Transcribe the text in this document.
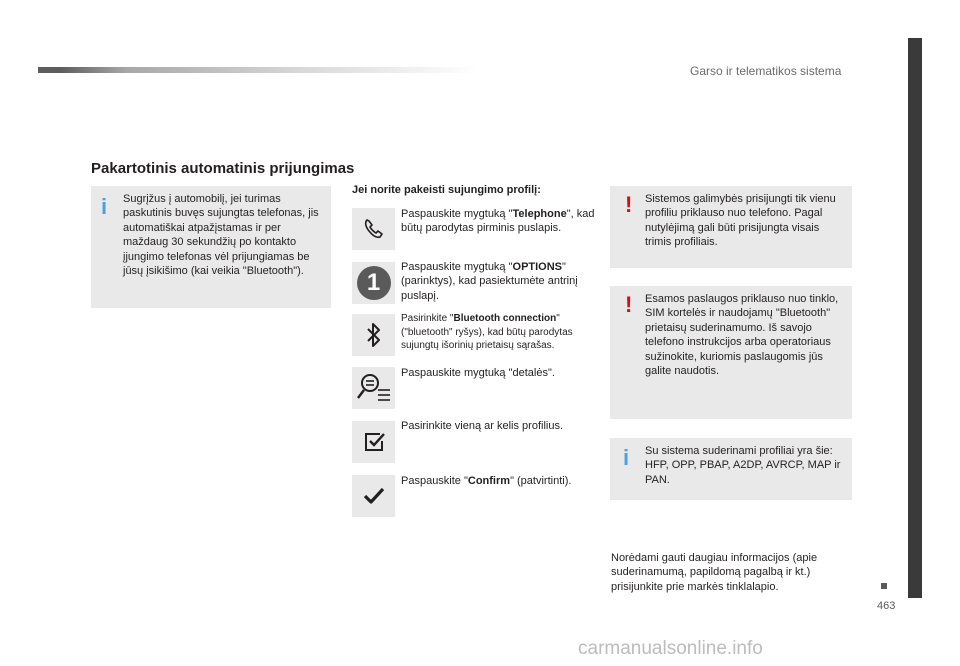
Garso ir telematikos sistema
463
Pakartotinis automatinis prijungimas
i Sugrįžus į automobilį, jei turimas paskutinis buvęs sujungtas telefonas, jis automatiškai atpažįstamas ir per maždaug 30 sekundžių po kontakto įjungimo telefonas vėl prijungiamas be jūsų įsikišimo (kai veikia "Bluetooth").
Jei norite pakeisti sujungimo profilį:
Paspauskite mygtuką "Telephone", kad būtų parodytas pirminis puslapis.
1
Paspauskite mygtuką "OPTIONS" (parinktys), kad pasiektumėte antrinį puslapį.
Pasirinkite "Bluetooth connection" ("bluetooth" ryšys), kad būtų parodytas sujungtų išorinių prietaisų sąrašas.
Paspauskite mygtuką "detalės".
Pasirinkite vieną ar kelis profilius.
Paspauskite "Confirm" (patvirtinti).
! Sistemos galimybės prisijungti tik vienu profiliu priklauso nuo telefono. Pagal nutylėjimą gali būti prisijungta visais trimis profiliais.
! Esamos paslaugos priklauso nuo tinklo, SIM kortelės ir naudojamų "Bluetooth" prietaisų suderinamumo. Iš savojo telefono instrukcijos arba operatoriaus sužinokite, kuriomis paslaugomis jūs galite naudotis.
i Su sistema suderinami profiliai yra šie: HFP, OPP, PBAP, A2DP, AVRCP, MAP ir PAN.
Norėdami gauti daugiau informacijos (apie suderinamumą, papildomą pagalbą ir kt.) prisijunkite prie markės tinklalapio.
carmanualsonline.info
